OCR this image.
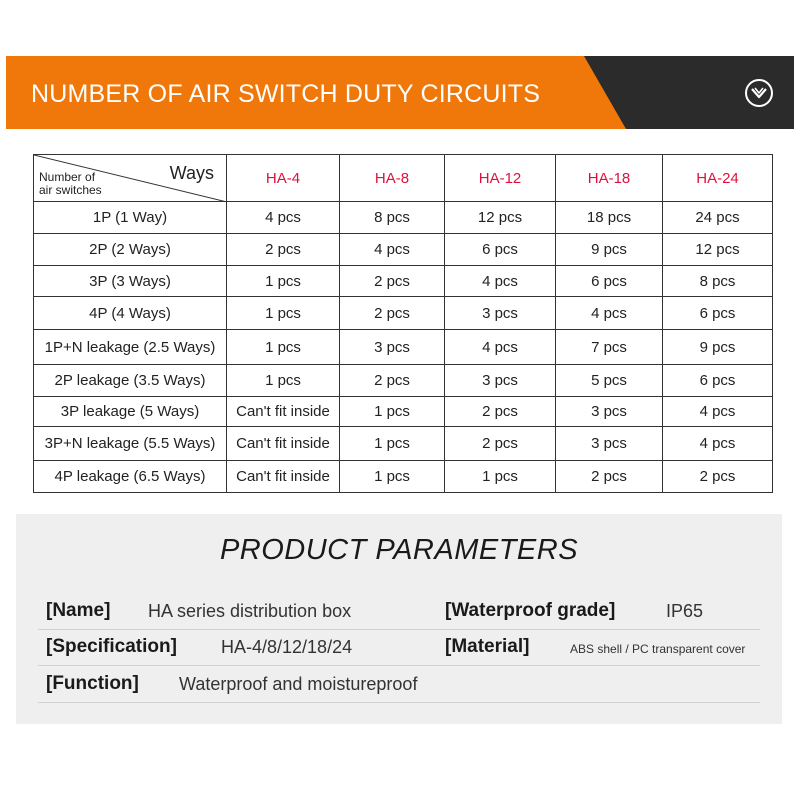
NUMBER OF AIR SWITCH DUTY CIRCUITS
Ways
Number of
air switches	HA-4	HA-8	HA-12	HA-18	HA-24
1P (1 Way)	4 pcs	8 pcs	12 pcs	18 pcs	24 pcs
2P (2 Ways)	2 pcs	4 pcs	6 pcs	9 pcs	12 pcs
3P (3 Ways)	1 pcs	2 pcs	4 pcs	6 pcs	8 pcs
4P (4 Ways)	1 pcs	2 pcs	3 pcs	4 pcs	6 pcs
1P+N leakage (2.5 Ways)	1 pcs	3 pcs	4 pcs	7 pcs	9 pcs
2P leakage (3.5 Ways)	1 pcs	2 pcs	3 pcs	5 pcs	6 pcs
3P leakage (5 Ways)	Can't fit inside	1 pcs	2 pcs	3 pcs	4 pcs
3P+N leakage (5.5 Ways)	Can't fit inside	1 pcs	2 pcs	3 pcs	4 pcs
4P leakage (6.5 Ways)	Can't fit inside	1 pcs	1 pcs	2 pcs	2 pcs
PRODUCT PARAMETERS
[Name] HA series distribution box	[Waterproof grade]	IP65
[Specification] HA-4/8/12/18/24	[Material]	ABS shell / PC transparent cover
[Function] Waterproof and moistureproof
